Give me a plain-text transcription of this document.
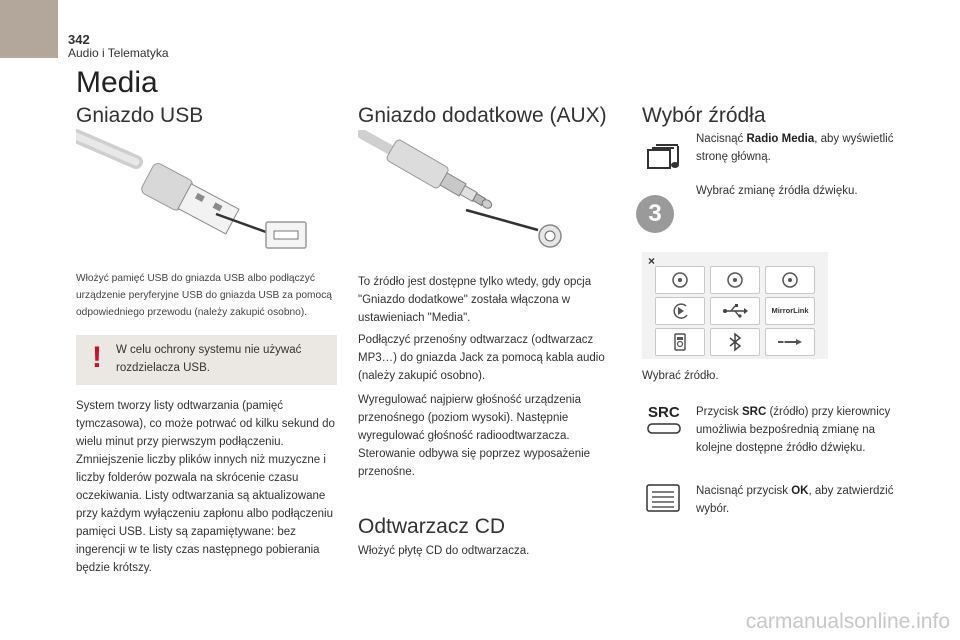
342
Audio i Telematyka
Media
Gniazdo USB

Włożyć pamięć USB do gniazda USB albo podłączyć urządzenie peryferyjne USB do gniazda USB za pomocą odpowiedniego przewodu (należy zakupić osobno).

! W celu ochrony systemu nie używać rozdzielacza USB.

System tworzy listy odtwarzania (pamięć tymczasowa), co może potrwać od kilku sekund do wielu minut przy pierwszym podłączeniu. Zmniejszenie liczby plików innych niż muzyczne i liczby folderów pozwala na skrócenie czasu oczekiwania. Listy odtwarzania są aktualizowane przy każdym wyłączeniu zapłonu albo podłączeniu pamięci USB. Listy są zapamiętywane: bez ingerencji w te listy czas następnego pobierania będzie krótszy.

Gniazdo dodatkowe (AUX)

To źródło jest dostępne tylko wtedy, gdy opcja "Gniazdo dodatkowe" została włączona w ustawieniach "Media".

Podłączyć przenośny odtwarzacz (odtwarzacz MP3…) do gniazda Jack za pomocą kabla audio (należy zakupić osobno).

Wyregulować najpierw głośność urządzenia przenośnego (poziom wysoki). Następnie wyregulować głośność radioodtwarzacza. Sterowanie odbywa się poprzez wyposażenie przenośne.

Odtwarzacz CD

Włożyć płytę CD do odtwarzacza.

Wybór źródła

Nacisnąć Radio Media, aby wyświetlić stronę główną.

3

Wybrać zmianę źródła dźwięku.

×
MirrorLink

Wybrać źródło.

SRC Przycisk SRC (źródło) przy kierownicy umożliwia bezpośrednią zmianę na kolejne dostępne źródło dźwięku.

Nacisnąć przycisk OK, aby zatwierdzić wybór.

carmanualsonline.info
